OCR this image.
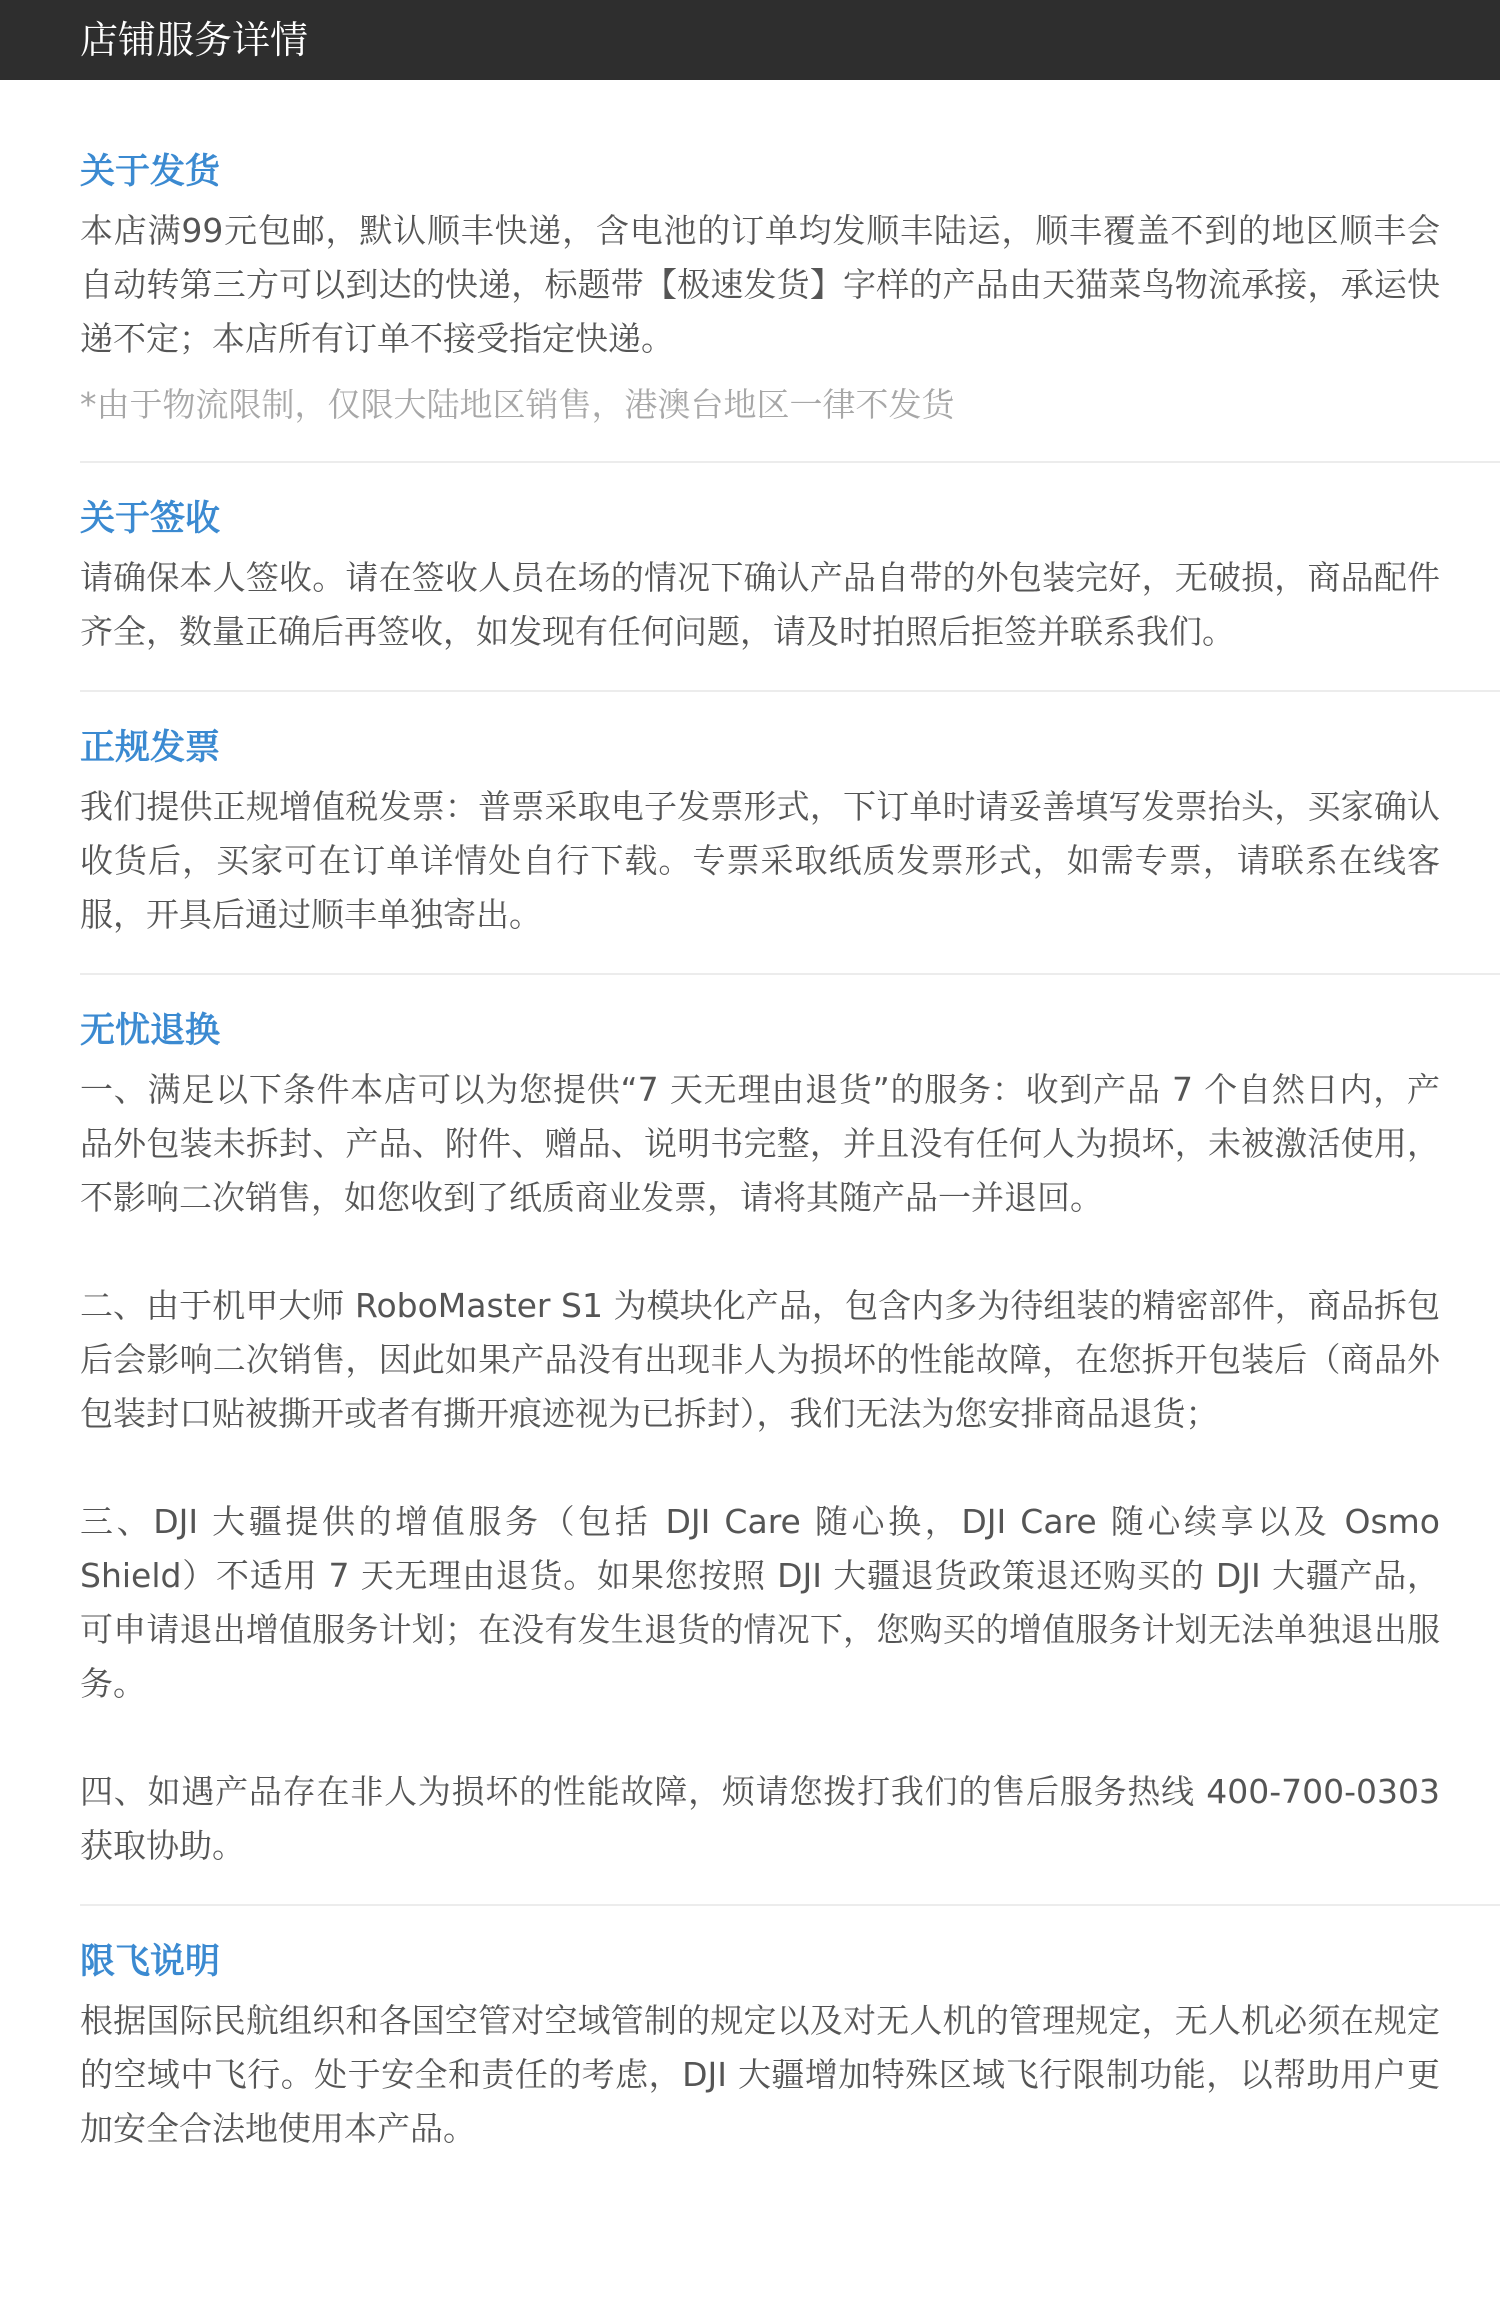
店铺服务详情
关于发货

本店满99元包邮，默认顺丰快递，含电池的订单均发顺丰陆运，顺丰覆盖不到的地区顺丰会自动转第三方可以到达的快递，标题带【极速发货】字样的产品由天猫菜鸟物流承接，承运快递不定；本店所有订单不接受指定快递。

*由于物流限制，仅限大陆地区销售，港澳台地区一律不发货

关于签收

请确保本人签收。请在签收人员在场的情况下确认产品自带的外包装完好，无破损，商品配件齐全，数量正确后再签收，如发现有任何问题，请及时拍照后拒签并联系我们。

正规发票

我们提供正规增值税发票：普票采取电子发票形式，下订单时请妥善填写发票抬头，买家确认收货后，买家可在订单详情处自行下载。专票采取纸质发票形式，如需专票，请联系在线客服，开具后通过顺丰单独寄出。

无忧退换

一、满足以下条件本店可以为您提供“7 天无理由退货”的服务：收到产品 7 个自然日内，产品外包装未拆封、产品、附件、赠品、说明书完整，并且没有任何人为损坏，未被激活使用，不影响二次销售，如您收到了纸质商业发票，请将其随产品一并退回。

二、由于机甲大师 RoboMaster S1 为模块化产品，包含内多为待组装的精密部件，商品拆包后会影响二次销售，因此如果产品没有出现非人为损坏的性能故障，在您拆开包装后（商品外包装封口贴被撕开或者有撕开痕迹视为已拆封），我们无法为您安排商品退货；

三、DJI 大疆提供的增值服务（包括 DJI Care 随心换，DJI Care 随心续享以及 Osmo Shield）不适用 7 天无理由退货。如果您按照 DJI 大疆退货政策退还购买的 DJI 大疆产品，可申请退出增值服务计划；在没有发生退货的情况下，您购买的增值服务计划无法单独退出服务。

四、如遇产品存在非人为损坏的性能故障，烦请您拨打我们的售后服务热线 400-700-0303 获取协助。

限飞说明

根据国际民航组织和各国空管对空域管制的规定以及对无人机的管理规定，无人机必须在规定的空域中飞行。处于安全和责任的考虑，DJI 大疆增加特殊区域飞行限制功能，以帮助用户更加安全合法地使用本产品。
